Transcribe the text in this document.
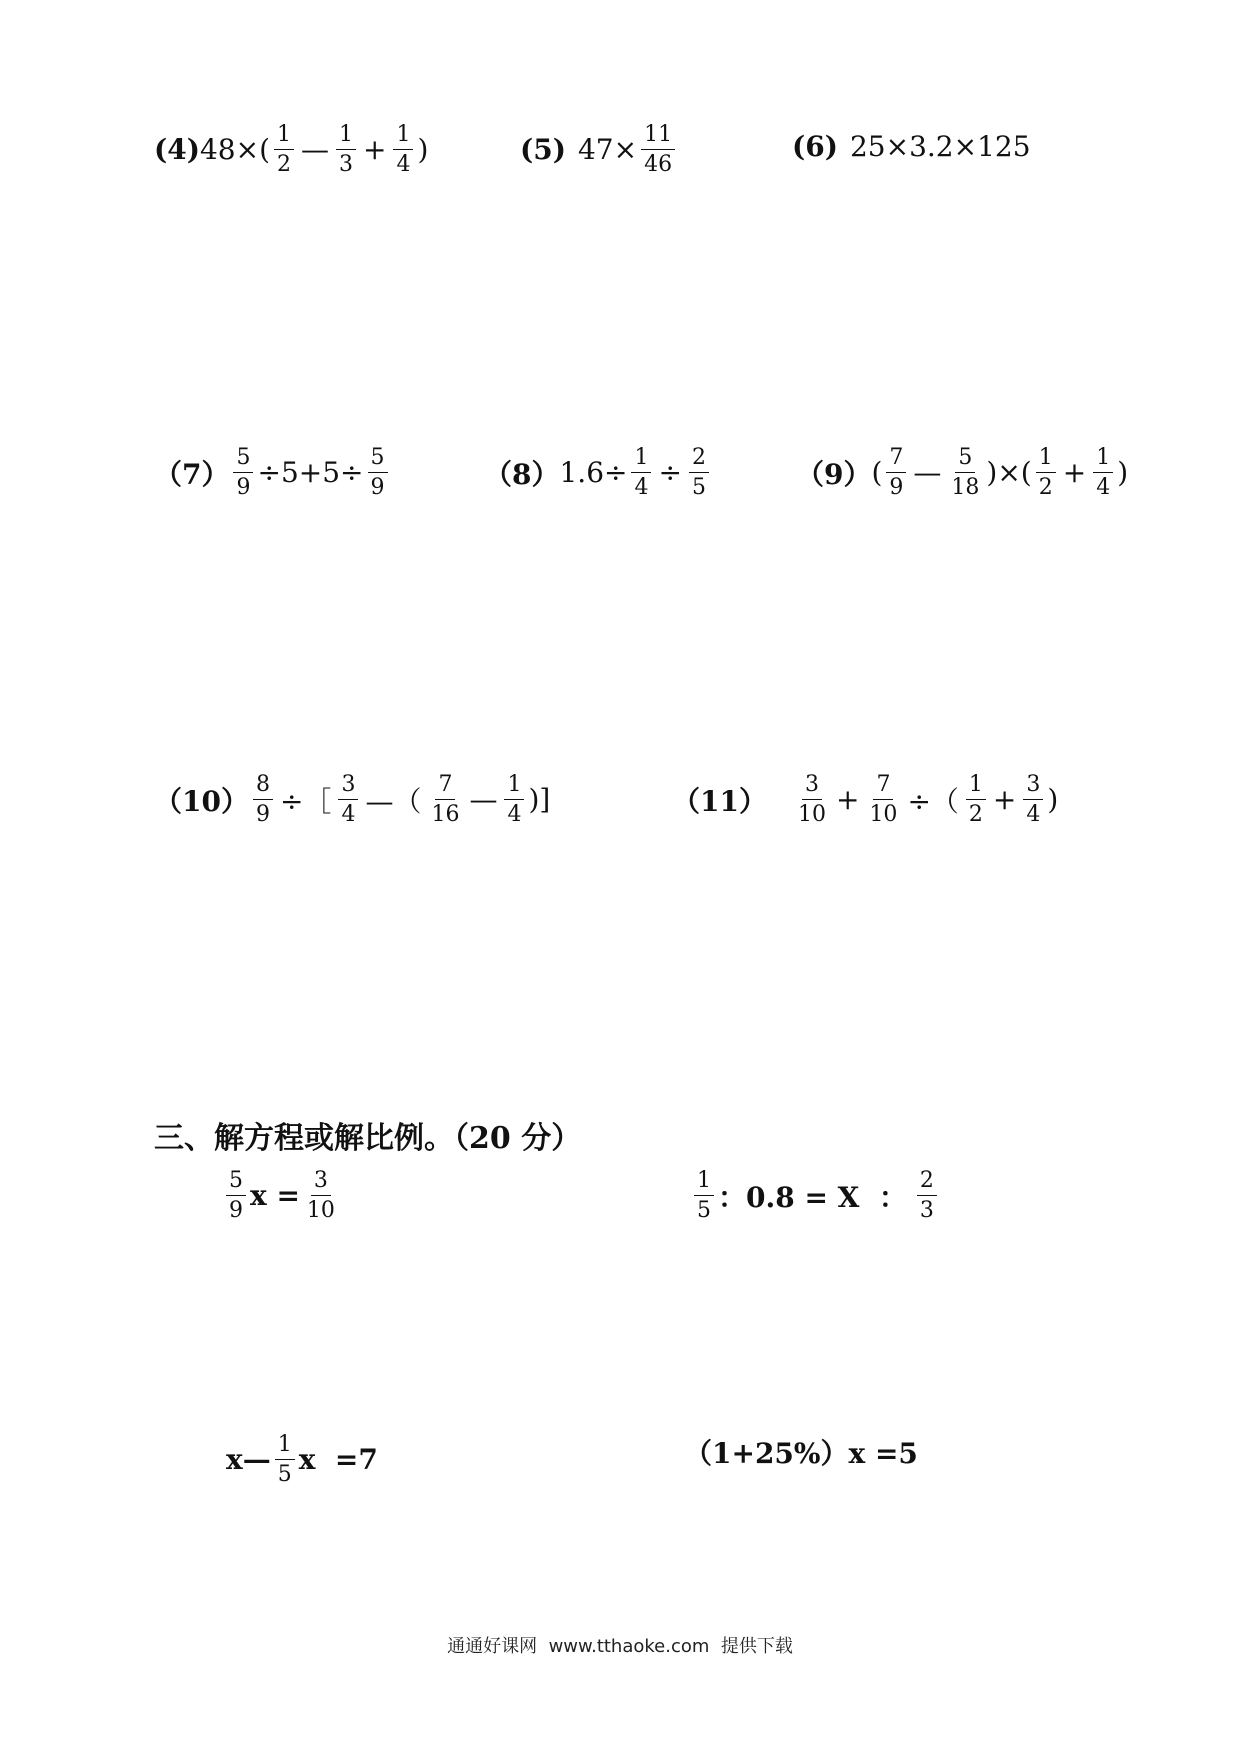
(4) $48\times( \frac{1}{2}$ — $\frac{1}{3} + \frac{1}{4}$ )	(5) $47\times \frac{11}{46}$	(6) 25×3.2×125
$(7) \frac{5}{9} \div 5+5\div \frac{5}{9}$	（8） $1.6\div \frac{1}{4} \div \frac{2}{5}$	（9） ( $\frac{7}{9}$ — $\frac{5}{18}$ )×( $\frac{1}{2} + \frac{1}{4}$ )
$(10) \frac{8}{9}$ ÷［ $\frac{3}{4}$ —（ $\frac{7}{16}$ — $\frac{1}{4}$ )]	$(11) \frac{3}{10} + \frac{7}{10}$ ÷（ $\frac{1}{2} + \frac{3}{4}$ )
三、解方程或解比例。（20 分）
$\frac{5}{9}$ $x = \frac{3}{10}$	$\frac{1}{5}$ ：0.8 = X  ： $\frac{2}{3}$
x— $\frac{1}{5}$ x  =7	（1+25%）x =5
通通好课网  www.tthaoke.com  提供下载
